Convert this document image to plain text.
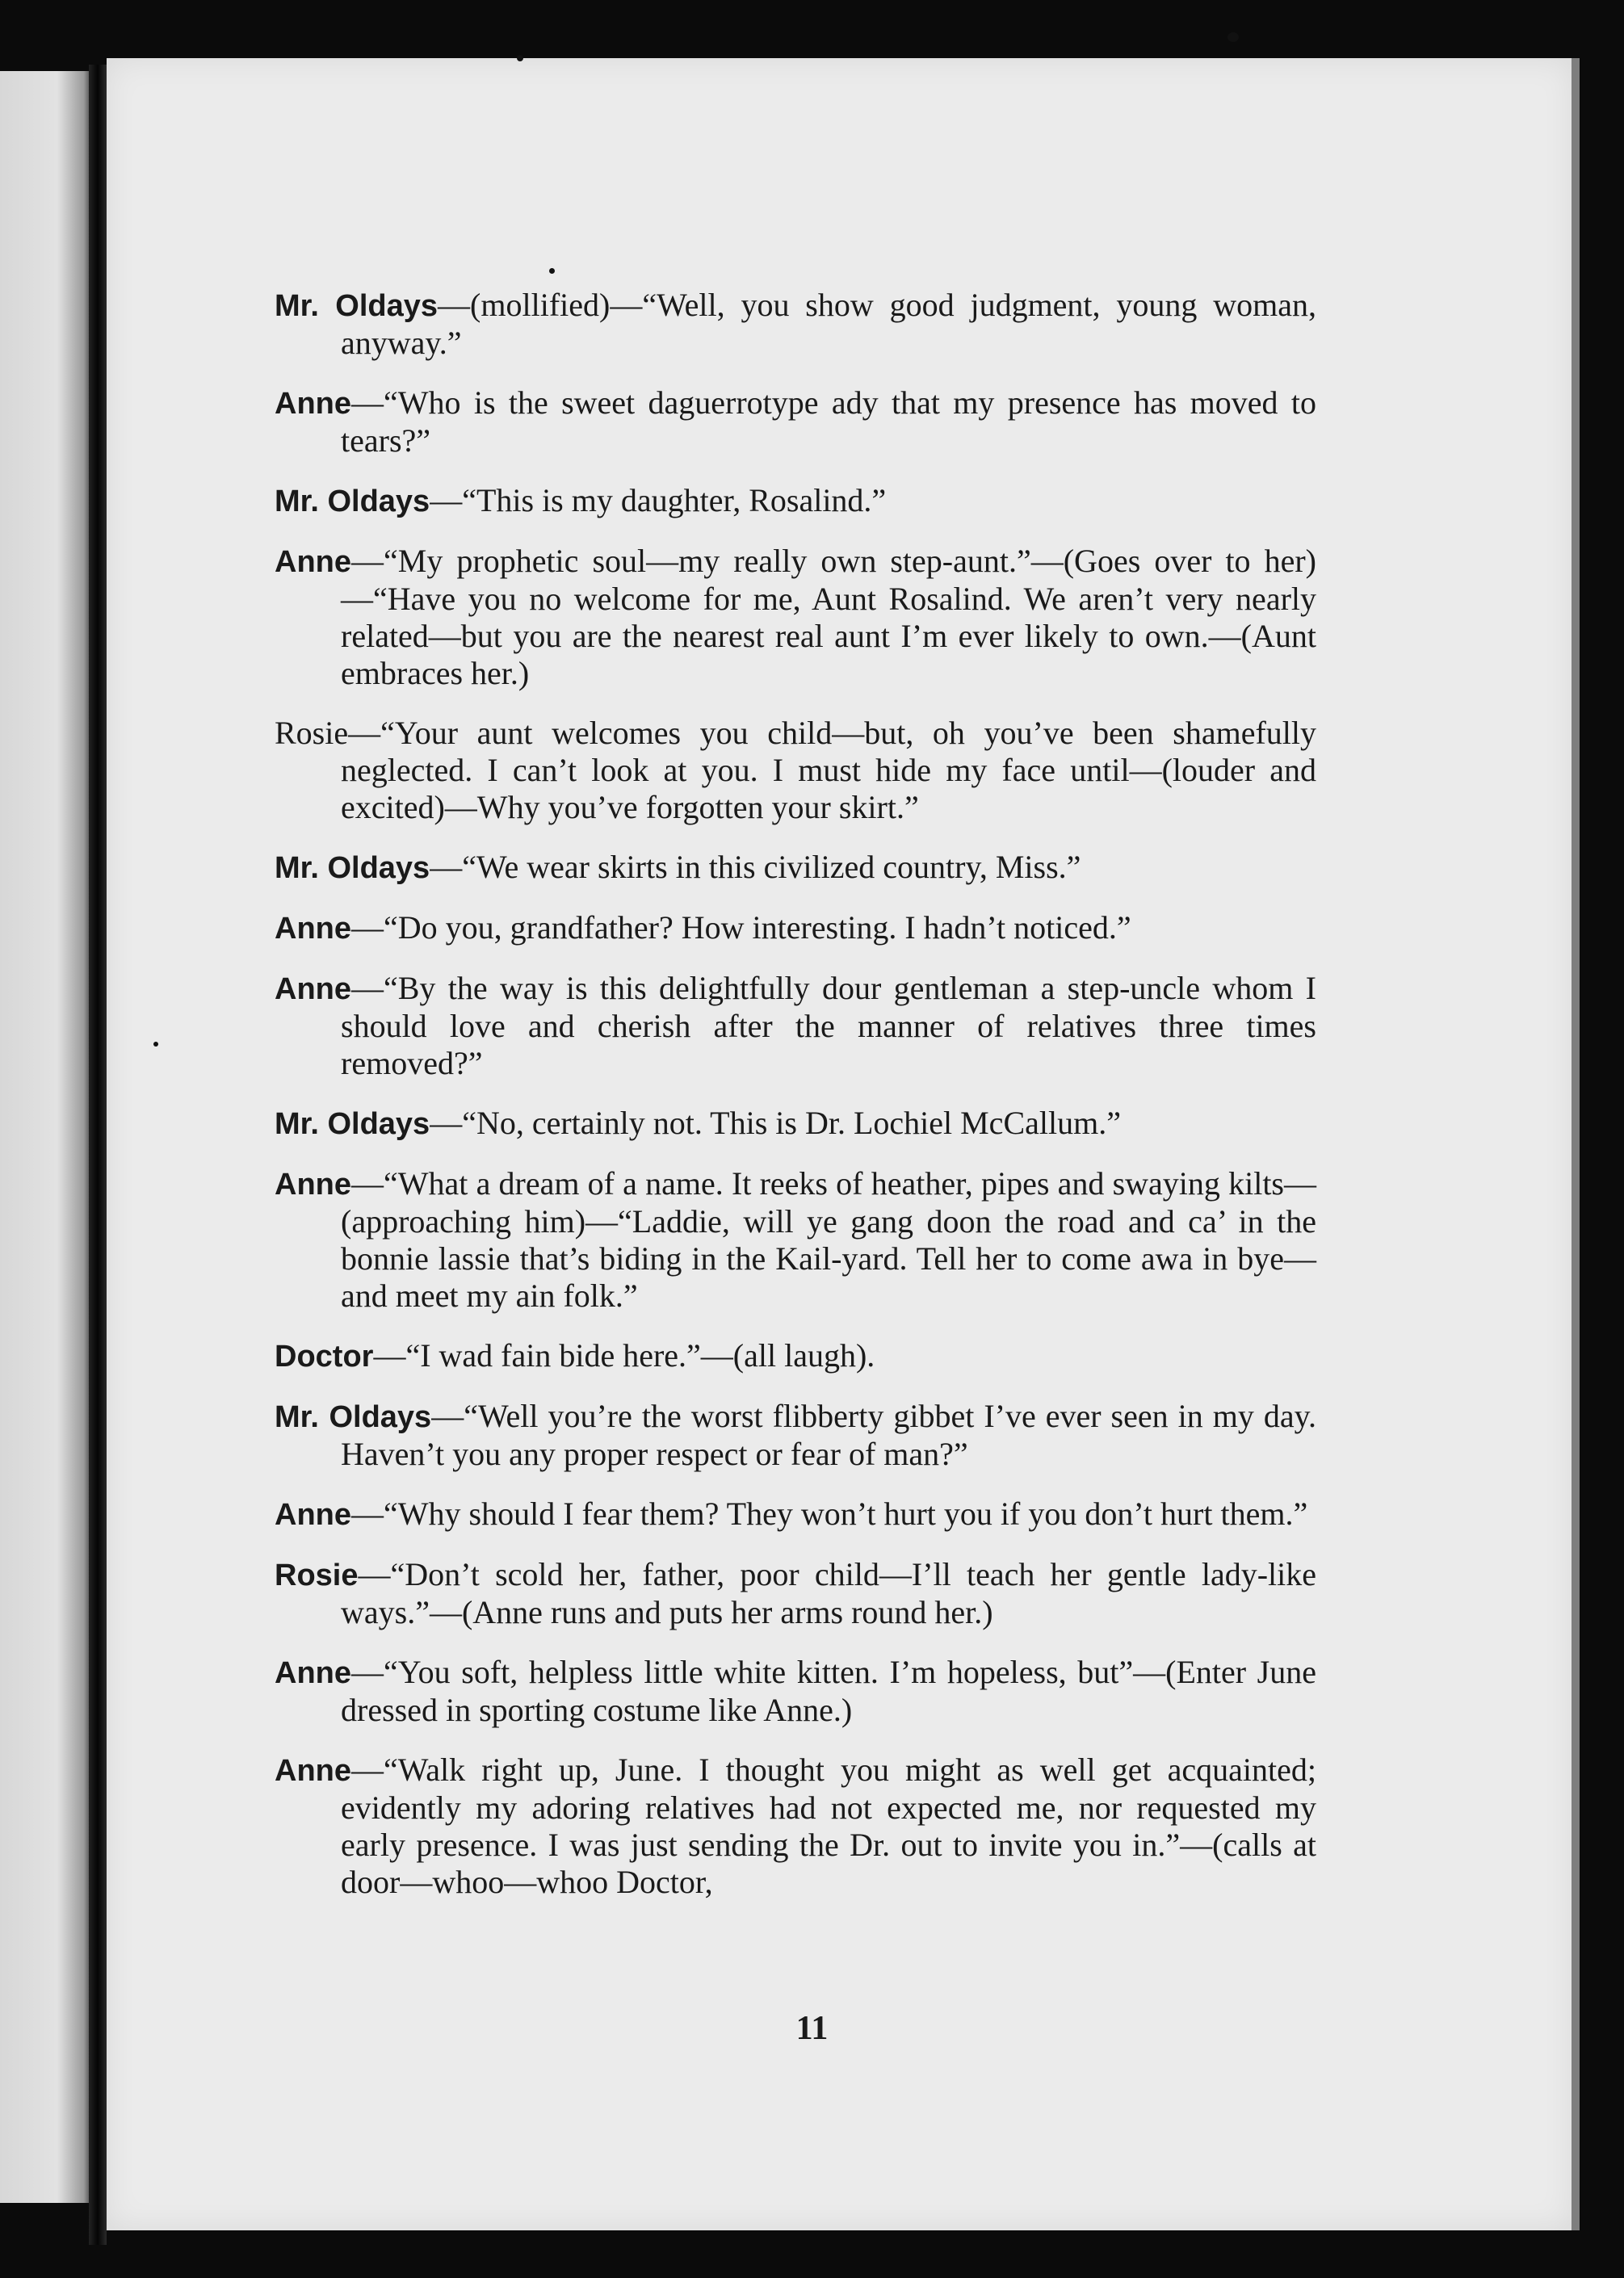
Mr. Oldays—(mollified)—“Well, you show good judgment, young woman, anyway.”

Anne—“Who is the sweet daguerrotype ady that my presence has moved to tears?”

Mr. Oldays—“This is my daughter, Rosalind.”

Anne—“My prophetic soul—my really own step-aunt.”—(Goes over to her)—“Have you no welcome for me, Aunt Rosalind. We aren’t very nearly related—but you are the nearest real aunt I’m ever likely to own.—(Aunt embraces her.)

Rosie—“Your aunt welcomes you child—but, oh you’ve been shamefully neglected. I can’t look at you. I must hide my face until—(louder and excited)—Why you’ve forgotten your skirt.”

Mr. Oldays—“We wear skirts in this civilized country, Miss.”

Anne—“Do you, grandfather? How interesting. I hadn’t noticed.”

Anne—“By the way is this delightfully dour gentleman a step-uncle whom I should love and cherish after the manner of relatives three times removed?”

Mr. Oldays—“No, certainly not. This is Dr. Lochiel McCallum.”

Anne—“What a dream of a name. It reeks of heather, pipes and swaying kilts—(approaching him)—“Laddie, will ye gang doon the road and ca’ in the bonnie lassie that’s biding in the Kail-yard. Tell her to come awa in bye—and meet my ain folk.”

Doctor—“I wad fain bide here.”—(all laugh).

Mr. Oldays—“Well you’re the worst flibberty gibbet I’ve ever seen in my day. Haven’t you any proper respect or fear of man?”

Anne—“Why should I fear them? They won’t hurt you if you don’t hurt them.”

Rosie—“Don’t scold her, father, poor child—I’ll teach her gentle lady-like ways.”—(Anne runs and puts her arms round her.)

Anne—“You soft, helpless little white kitten. I’m hopeless, but”—(Enter June dressed in sporting costume like Anne.)

Anne—“Walk right up, June. I thought you might as well get acquainted; evidently my adoring relatives had not expected me, nor requested my early presence. I was just sending the Dr. out to invite you in.”—(calls at door—whoo—whoo Doctor,

11
